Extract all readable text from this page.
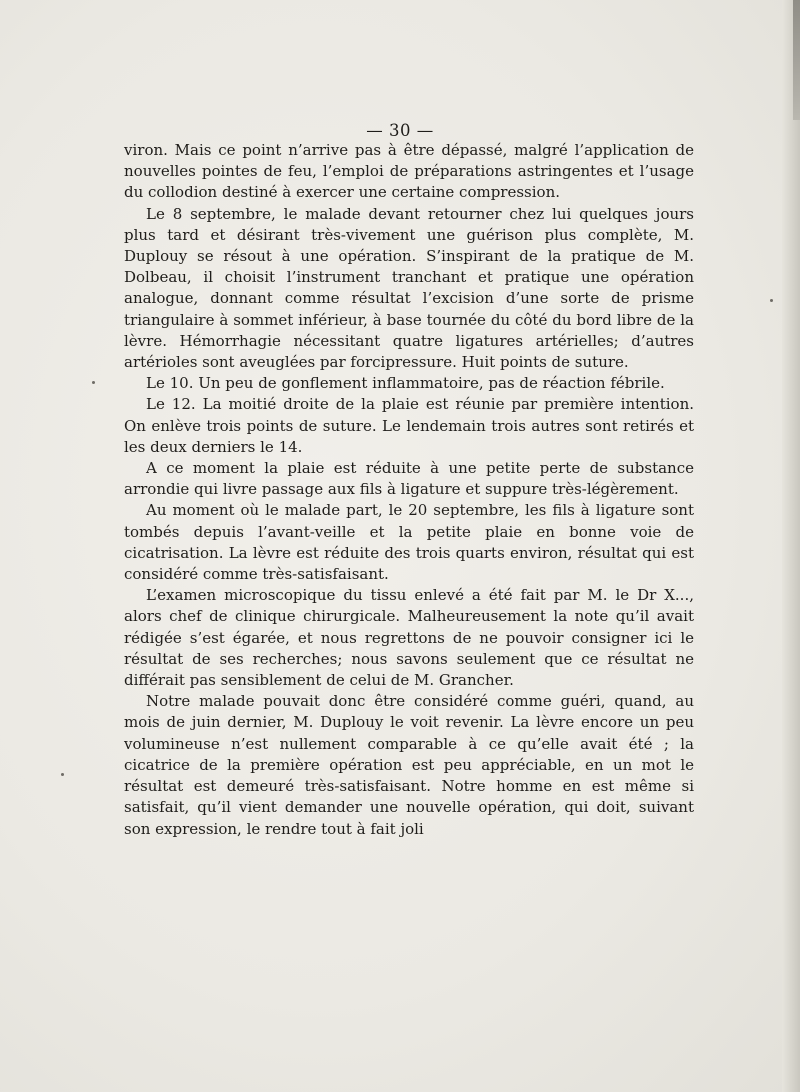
— 30 —

viron. Mais ce point n’arrive pas à être dépassé, malgré l’application de nouvelles pointes de feu, l’emploi de préparations astringentes et l’usage du collodion destiné à exercer une certaine compression.

Le 8 septembre, le malade devant retourner chez lui quelques jours plus tard et désirant très-vivement une guérison plus complète, M. Duplouy se résout à une opération. S’inspirant de la pratique de M. Dolbeau, il choisit l’instrument tranchant et pratique une opération analogue, donnant comme résultat l’excision d’une sorte de prisme triangulaire à sommet inférieur, à base tournée du côté du bord libre de la lèvre. Hémorrhagie nécessitant quatre ligatures artérielles; d’autres artérioles sont aveuglées par forcipressure. Huit points de suture.

Le 10. Un peu de gonflement inflammatoire, pas de réaction fébrile.

Le 12. La moitié droite de la plaie est réunie par première intention. On enlève trois points de suture. Le lendemain trois autres sont retirés et les deux derniers le 14.

A ce moment la plaie est réduite à une petite perte de substance arrondie qui livre passage aux fils à ligature et suppure très-légèrement.

Au moment où le malade part, le 20 septembre, les fils à ligature sont tombés depuis l’avant-veille et la petite plaie en bonne voie de cicatrisation. La lèvre est réduite des trois quarts environ, résultat qui est considéré comme très-satisfaisant.

L’examen microscopique du tissu enlevé a été fait par M. le Dr X..., alors chef de clinique chirurgicale. Malheureusement la note qu’il avait rédigée s’est égarée, et nous regrettons de ne pouvoir consigner ici le résultat de ses recherches; nous savons seulement que ce résultat ne différait pas sensiblement de celui de M. Grancher.

Notre malade pouvait donc être considéré comme guéri, quand, au mois de juin dernier, M. Duplouy le voit revenir. La lèvre encore un peu volumineuse n’est nullement comparable à ce qu’elle avait été ; la cicatrice de la première opération est peu appréciable, en un mot le résultat est demeuré très-satisfaisant. Notre homme en est même si satisfait, qu’il vient demander une nouvelle opération, qui doit, suivant son expression, le rendre tout à fait joli
